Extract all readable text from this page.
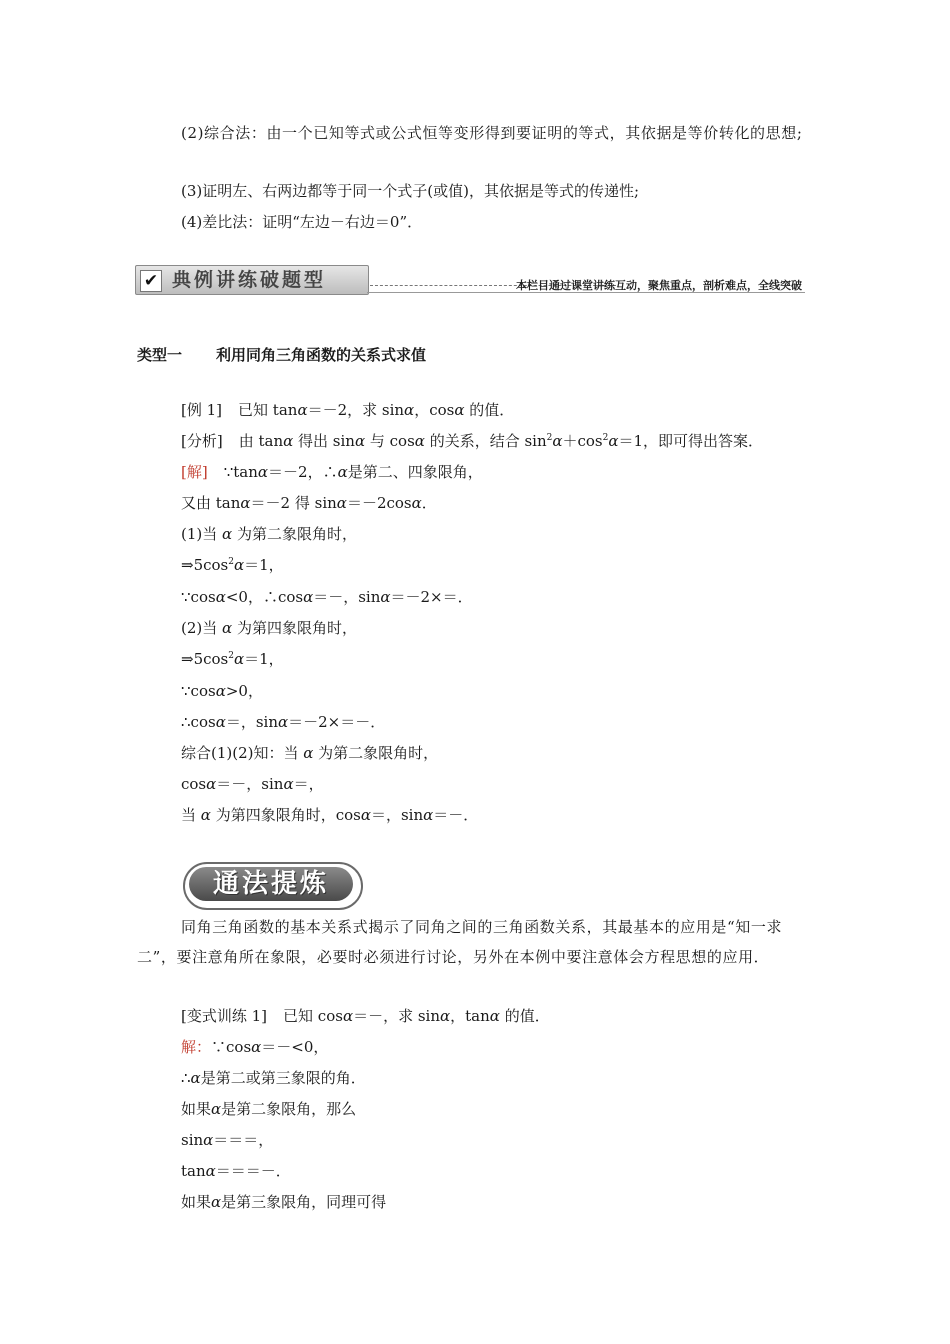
(2)综合法：由一个已知等式或公式恒等变形得到要证明的等式，其依据是等价转化的思想;
(3)证明左、右两边都等于同一个式子(或值)，其依据是等式的传递性;
(4)差比法：证明“左边－右边＝0”．
✔ 典例讲练破题型	本栏目通过课堂讲练互动，聚焦重点，剖析难点，全线突破
类型一 利用同角三角函数的关系式求值
[例 1] 已知 tanα＝－2，求 sinα，cosα 的值．
[分析] 由 tanα 得出 sinα 与 cosα 的关系，结合 $\sin^2\alpha+\cos^2\alpha=1$，即可得出答案．
[解] ∵tanα＝－2，∴α是第二、四象限角，
又由 tanα＝－2 得 sinα＝－2cosα．
(1)当 α 为第二象限角时，
$\Rightarrow 5\cos^2\alpha=1$，
∵cosα<0，∴cosα＝－，sinα＝－2×＝．
(2)当 α 为第四象限角时，
$\Rightarrow 5\cos^2\alpha=1$，
∵cosα>0，
∴cosα＝，sinα＝－2×＝－．
综合(1)(2)知：当 α 为第二象限角时，
cosα＝－，sinα＝，
当 α 为第四象限角时，cosα＝，sinα＝－．
通法提炼
同角三角函数的基本关系式揭示了同角之间的三角函数关系，其最基本的应用是“知一求二”，要注意角所在象限，必要时必须进行讨论，另外在本例中要注意体会方程思想的应用．
[变式训练 1] 已知 cosα＝－，求 sinα，tanα 的值．
解：∵cosα＝－<0，
∴α是第二或第三象限的角．
如果α是第二象限角，那么
sinα＝＝＝，
tanα＝＝＝－．
如果α是第三象限角，同理可得
